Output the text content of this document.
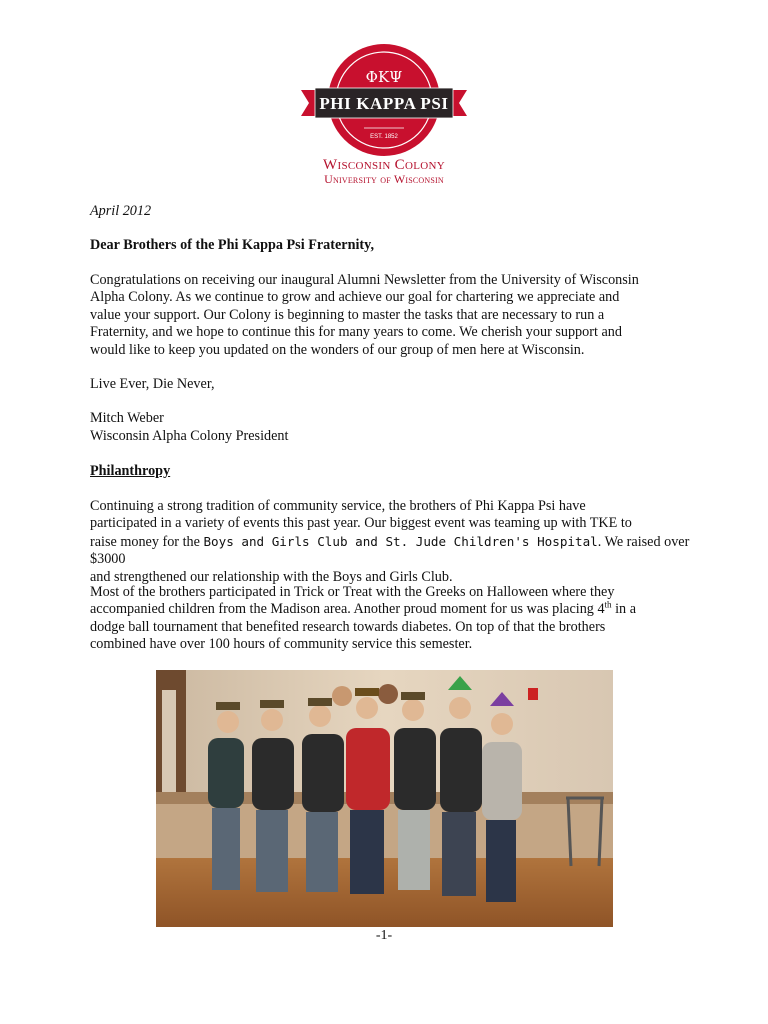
ΦΚΨ
PHI KAPPA PSI
EST. 1852
Wisconsin Colony
University of Wisconsin
April 2012
Dear Brothers of the Phi Kappa Psi Fraternity,
Congratulations on receiving our inaugural Alumni Newsletter from the University of Wisconsin
Alpha Colony. As we continue to grow and achieve our goal for chartering we appreciate and
value your support. Our Colony is beginning to master the tasks that are necessary to run a
Fraternity, and we hope to continue this for many years to come. We cherish your support and
would like to keep you updated on the wonders of our group of men here at Wisconsin.
Live Ever, Die Never,
Mitch Weber
Wisconsin Alpha Colony President
Philanthropy
Continuing a strong tradition of community service, the brothers of Phi Kappa Psi have
participated in a variety of events this past year. Our biggest event was teaming up with TKE to
raise money for the Boys and Girls Club and St. Jude Children's Hospital. We raised over $3000
and strengthened our relationship with the Boys and Girls Club.
Most of the brothers participated in Trick or Treat with the Greeks on Halloween where they
accompanied children from the Madison area. Another proud moment for us was placing 4th in a
dodge ball tournament that benefited research towards diabetes. On top of that the brothers
combined have over 100 hours of community service this semester.
-1-
